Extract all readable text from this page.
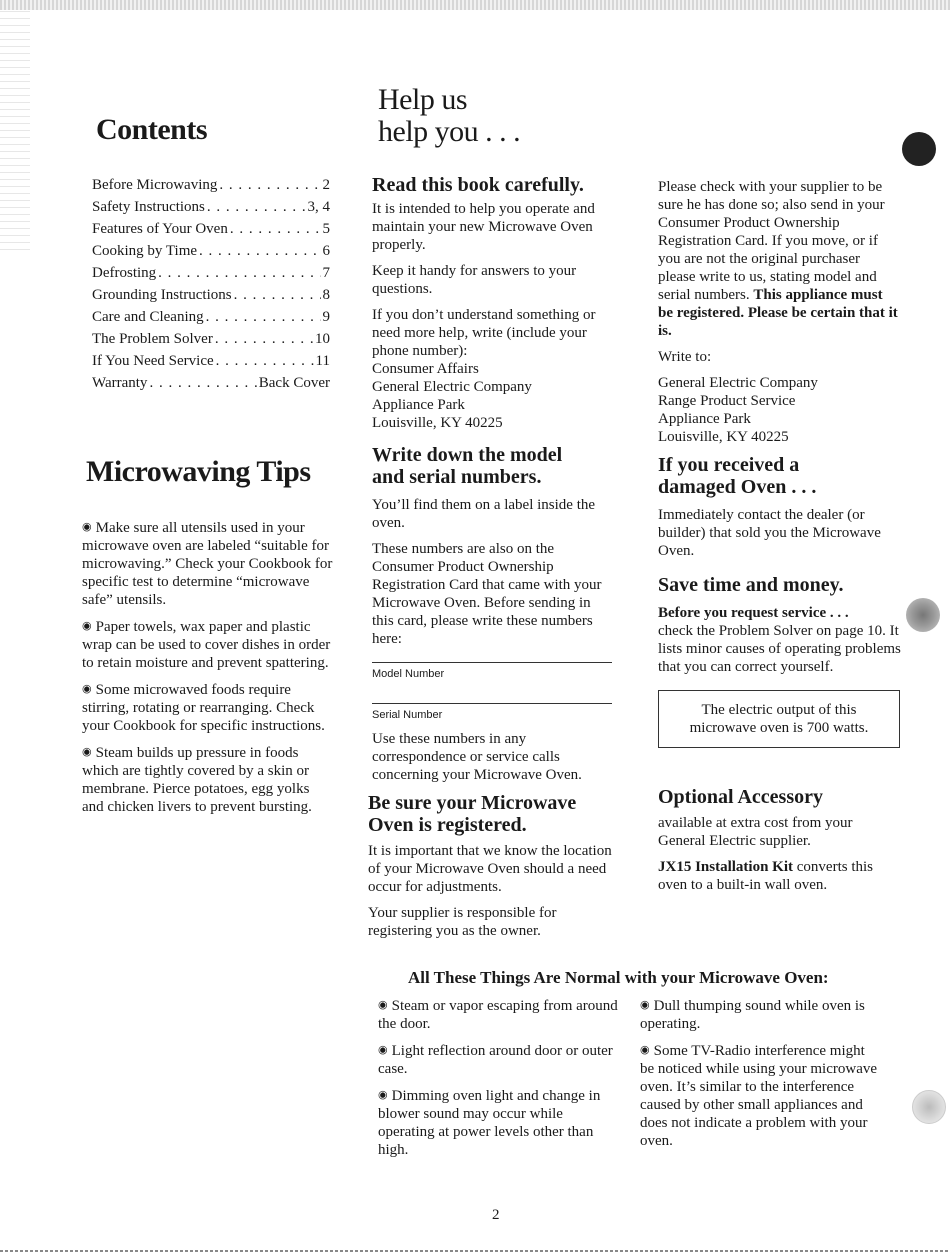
Contents
Before Microwaving . . .	2
Safety Instructions . . .	3, 4
Features of Your Oven . . .	5
Cooking by Time . . .	6
Defrosting . . .	7
Grounding Instructions . . .	8
Care and Cleaning . . .	9
The Problem Solver . . .	10
If You Need Service . . .	11
Warranty . . .	Back Cover
Microwaving Tips
◉ Make sure all utensils used in your microwave oven are labeled “suitable for microwaving.” Check your Cookbook for specific test to determine “microwave safe” utensils.
◉ Paper towels, wax paper and plastic wrap can be used to cover dishes in order to retain moisture and prevent spattering.
◉ Some microwaved foods require stirring, rotating or rearranging. Check your Cookbook for specific instructions.
◉ Steam builds up pressure in foods which are tightly covered by a skin or membrane. Pierce potatoes, egg yolks and chicken livers to prevent bursting.
Help us
help you . . .
Read this book carefully.

It is intended to help you operate and maintain your new Microwave Oven properly.

Keep it handy for answers to your questions.

If you don’t understand something or need more help, write (include your phone number):

Consumer Affairs

General Electric Company

Appliance Park

Louisville, KY 40225

Write down the model
and serial numbers.

You’ll find them on a label inside the oven.

These numbers are also on the Consumer Product Ownership Registration Card that came with your Microwave Oven. Before sending in this card, please write these numbers here:

Model Number
Serial Number

Use these numbers in any correspondence or service calls concerning your Microwave Oven.

Be sure your Microwave
Oven is registered.

It is important that we know the location of your Microwave Oven should a need occur for adjustments.

Your supplier is responsible for registering you as the owner.

Please check with your supplier to be sure he has done so; also send in your Consumer Product Ownership Registration Card. If you move, or if you are not the original purchaser please write to us, stating model and serial numbers. This appliance must be registered. Please be certain that it is.

Write to:

General Electric Company

Range Product Service

Appliance Park

Louisville, KY 40225

If you received a
damaged Oven . . .

Immediately contact the dealer (or builder) that sold you the Microwave Oven.

Save time and money.
Before you request service . . .

check the Problem Solver on page 10. It lists minor causes of operating problems that you can correct yourself.

The electric output of this microwave oven is 700 watts.
Optional Accessory

available at extra cost from your General Electric supplier.

JX15 Installation Kit converts this oven to a built-in wall oven.

All These Things Are Normal with your Microwave Oven:
◉ Steam or vapor escaping from around the door.
◉ Light reflection around door or outer case.
◉ Dimming oven light and change in blower sound may occur while operating at power levels other than high.
◉ Dull thumping sound while oven is operating.
◉ Some TV-Radio interference might be noticed while using your microwave oven. It’s similar to the interference caused by other small appliances and does not indicate a problem with your oven.
2
